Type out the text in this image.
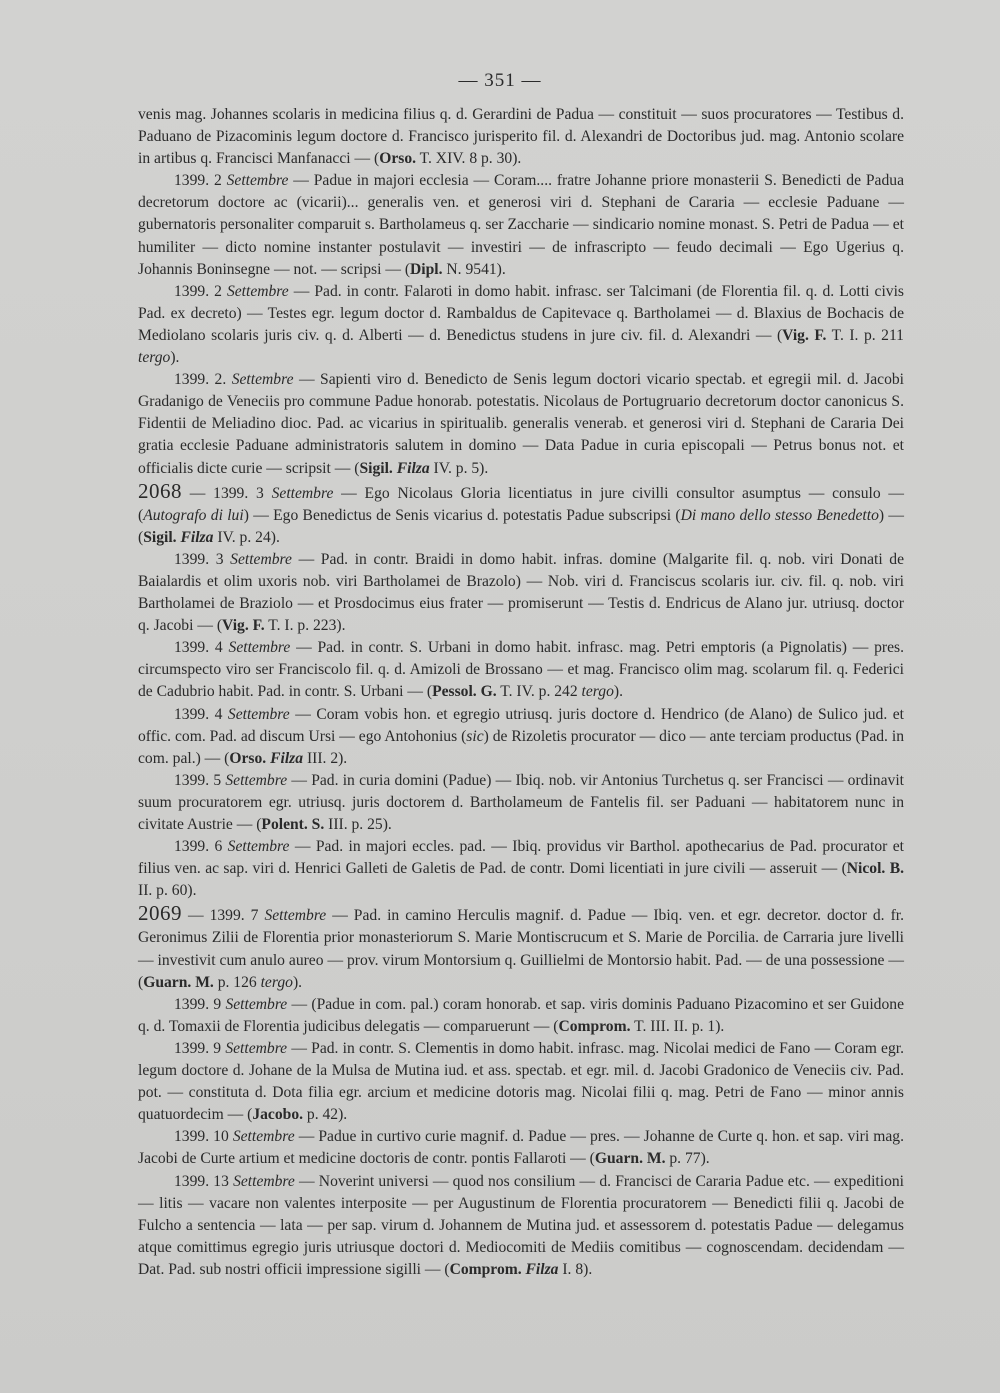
— 351 —

venis mag. Johannes scolaris in medicina filius q. d. Gerardini de Padua — constituit — suos procuratores — Testibus d. Paduano de Pizacominis legum doctore d. Francisco jurisperito fil. d. Alexandri de Doctoribus jud. mag. Antonio scolare in artibus q. Francisci Manfanacci — (Orso. T. XIV. 8 p. 30).

1399. 2 Settembre — Padue in majori ecclesia — Coram.... fratre Johanne priore monasterii S. Benedicti de Padua decretorum doctore ac (vicarii)... generalis ven. et generosi viri d. Stephani de Cararia — ecclesie Paduane — gubernatoris personaliter comparuit s. Bartholameus q. ser Zaccharie — sindicario nomine monast. S. Petri de Padua — et humiliter — dicto nomine instanter postulavit — investiri — de infrascripto — feudo decimali — Ego Ugerius q. Johannis Boninsegne — not. — scripsi — (Dipl. N. 9541).

1399. 2 Settembre — Pad. in contr. Falaroti in domo habit. infrasc. ser Talcimani (de Florentia fil. q. d. Lotti civis Pad. ex decreto) — Testes egr. legum doctor d. Rambaldus de Capitevace q. Bartholamei — d. Blaxius de Bochacis de Mediolano scolaris juris civ. q. d. Alberti — d. Benedictus studens in jure civ. fil. d. Alexandri — (Vig. F. T. I. p. 211 tergo).

1399. 2. Settembre — Sapienti viro d. Benedicto de Senis legum doctori vicario spectab. et egregii mil. d. Jacobi Gradanigo de Veneciis pro commune Padue honorab. potestatis. Nicolaus de Portugruario decretorum doctor canonicus S. Fidentii de Meliadino dioc. Pad. ac vicarius in spiritualib. generalis venerab. et generosi viri d. Stephani de Cararia Dei gratia ecclesie Paduane administratoris salutem in domino — Data Padue in curia episcopali — Petrus bonus not. et officialis dicte curie — scripsit — (Sigil. Filza IV. p. 5).

2068 — 1399. 3 Settembre — Ego Nicolaus Gloria licentiatus in jure civilli consultor asumptus — consulo — (Autografo di lui) — Ego Benedictus de Senis vicarius d. potestatis Padue subscripsi (Di mano dello stesso Benedetto) — (Sigil. Filza IV. p. 24).

1399. 3 Settembre — Pad. in contr. Braidi in domo habit. infras. domine (Malgarite fil. q. nob. viri Donati de Baialardis et olim uxoris nob. viri Bartholamei de Brazolo) — Nob. viri d. Franciscus scolaris iur. civ. fil. q. nob. viri Bartholamei de Braziolo — et Prosdocimus eius frater — promiserunt — Testis d. Endricus de Alano jur. utriusq. doctor q. Jacobi — (Vig. F. T. I. p. 223).

1399. 4 Settembre — Pad. in contr. S. Urbani in domo habit. infrasc. mag. Petri emptoris (a Pignolatis) — pres. circumspecto viro ser Franciscolo fil. q. d. Amizoli de Brossano — et mag. Francisco olim mag. scolarum fil. q. Federici de Cadubrio habit. Pad. in contr. S. Urbani — (Pessol. G. T. IV. p. 242 tergo).

1399. 4 Settembre — Coram vobis hon. et egregio utriusq. juris doctore d. Hendrico (de Alano) de Sulico jud. et offic. com. Pad. ad discum Ursi — ego Antohonius (sic) de Rizoletis procurator — dico — ante terciam productus (Pad. in com. pal.) — (Orso. Filza III. 2).

1399. 5 Settembre — Pad. in curia domini (Padue) — Ibiq. nob. vir Antonius Turchetus q. ser Francisci — ordinavit suum procuratorem egr. utriusq. juris doctorem d. Bartholameum de Fantelis fil. ser Paduani — habitatorem nunc in civitate Austrie — (Polent. S. III. p. 25).

1399. 6 Settembre — Pad. in majori eccles. pad. — Ibiq. providus vir Barthol. apothecarius de Pad. procurator et filius ven. ac sap. viri d. Henrici Galleti de Galetis de Pad. de contr. Domi licentiati in jure civili — asseruit — (Nicol. B. II. p. 60).

2069 — 1399. 7 Settembre — Pad. in camino Herculis magnif. d. Padue — Ibiq. ven. et egr. decretor. doctor d. fr. Geronimus Zilii de Florentia prior monasteriorum S. Marie Montiscrucum et S. Marie de Porcilia. de Carraria jure livelli — investivit cum anulo aureo — prov. virum Montorsium q. Guillielmi de Montorsio habit. Pad. — de una possessione — (Guarn. M. p. 126 tergo).

1399. 9 Settembre — (Padue in com. pal.) coram honorab. et sap. viris dominis Paduano Pizacomino et ser Guidone q. d. Tomaxii de Florentia judicibus delegatis — comparuerunt — (Comprom. T. III. II. p. 1).

1399. 9 Settembre — Pad. in contr. S. Clementis in domo habit. infrasc. mag. Nicolai medici de Fano — Coram egr. legum doctore d. Johane de la Mulsa de Mutina iud. et ass. spectab. et egr. mil. d. Jacobi Gradonico de Veneciis civ. Pad. pot. — constituta d. Dota filia egr. arcium et medicine dotoris mag. Nicolai filii q. mag. Petri de Fano — minor annis quatuordecim — (Jacobo. p. 42).

1399. 10 Settembre — Padue in curtivo curie magnif. d. Padue — pres. — Johanne de Curte q. hon. et sap. viri mag. Jacobi de Curte artium et medicine doctoris de contr. pontis Fallaroti — (Guarn. M. p. 77).

1399. 13 Settembre — Noverint universi — quod nos consilium — d. Francisci de Cararia Padue etc. — expeditioni — litis — vacare non valentes interposite — per Augustinum de Florentia procuratorem — Benedicti filii q. Jacobi de Fulcho a sentencia — lata — per sap. virum d. Johannem de Mutina jud. et assessorem d. potestatis Padue — delegamus atque comittimus egregio juris utriusque doctori d. Mediocomiti de Mediis comitibus — cognoscendam. decidendam — Dat. Pad. sub nostri officii impressione sigilli — (Comprom. Filza I. 8).
